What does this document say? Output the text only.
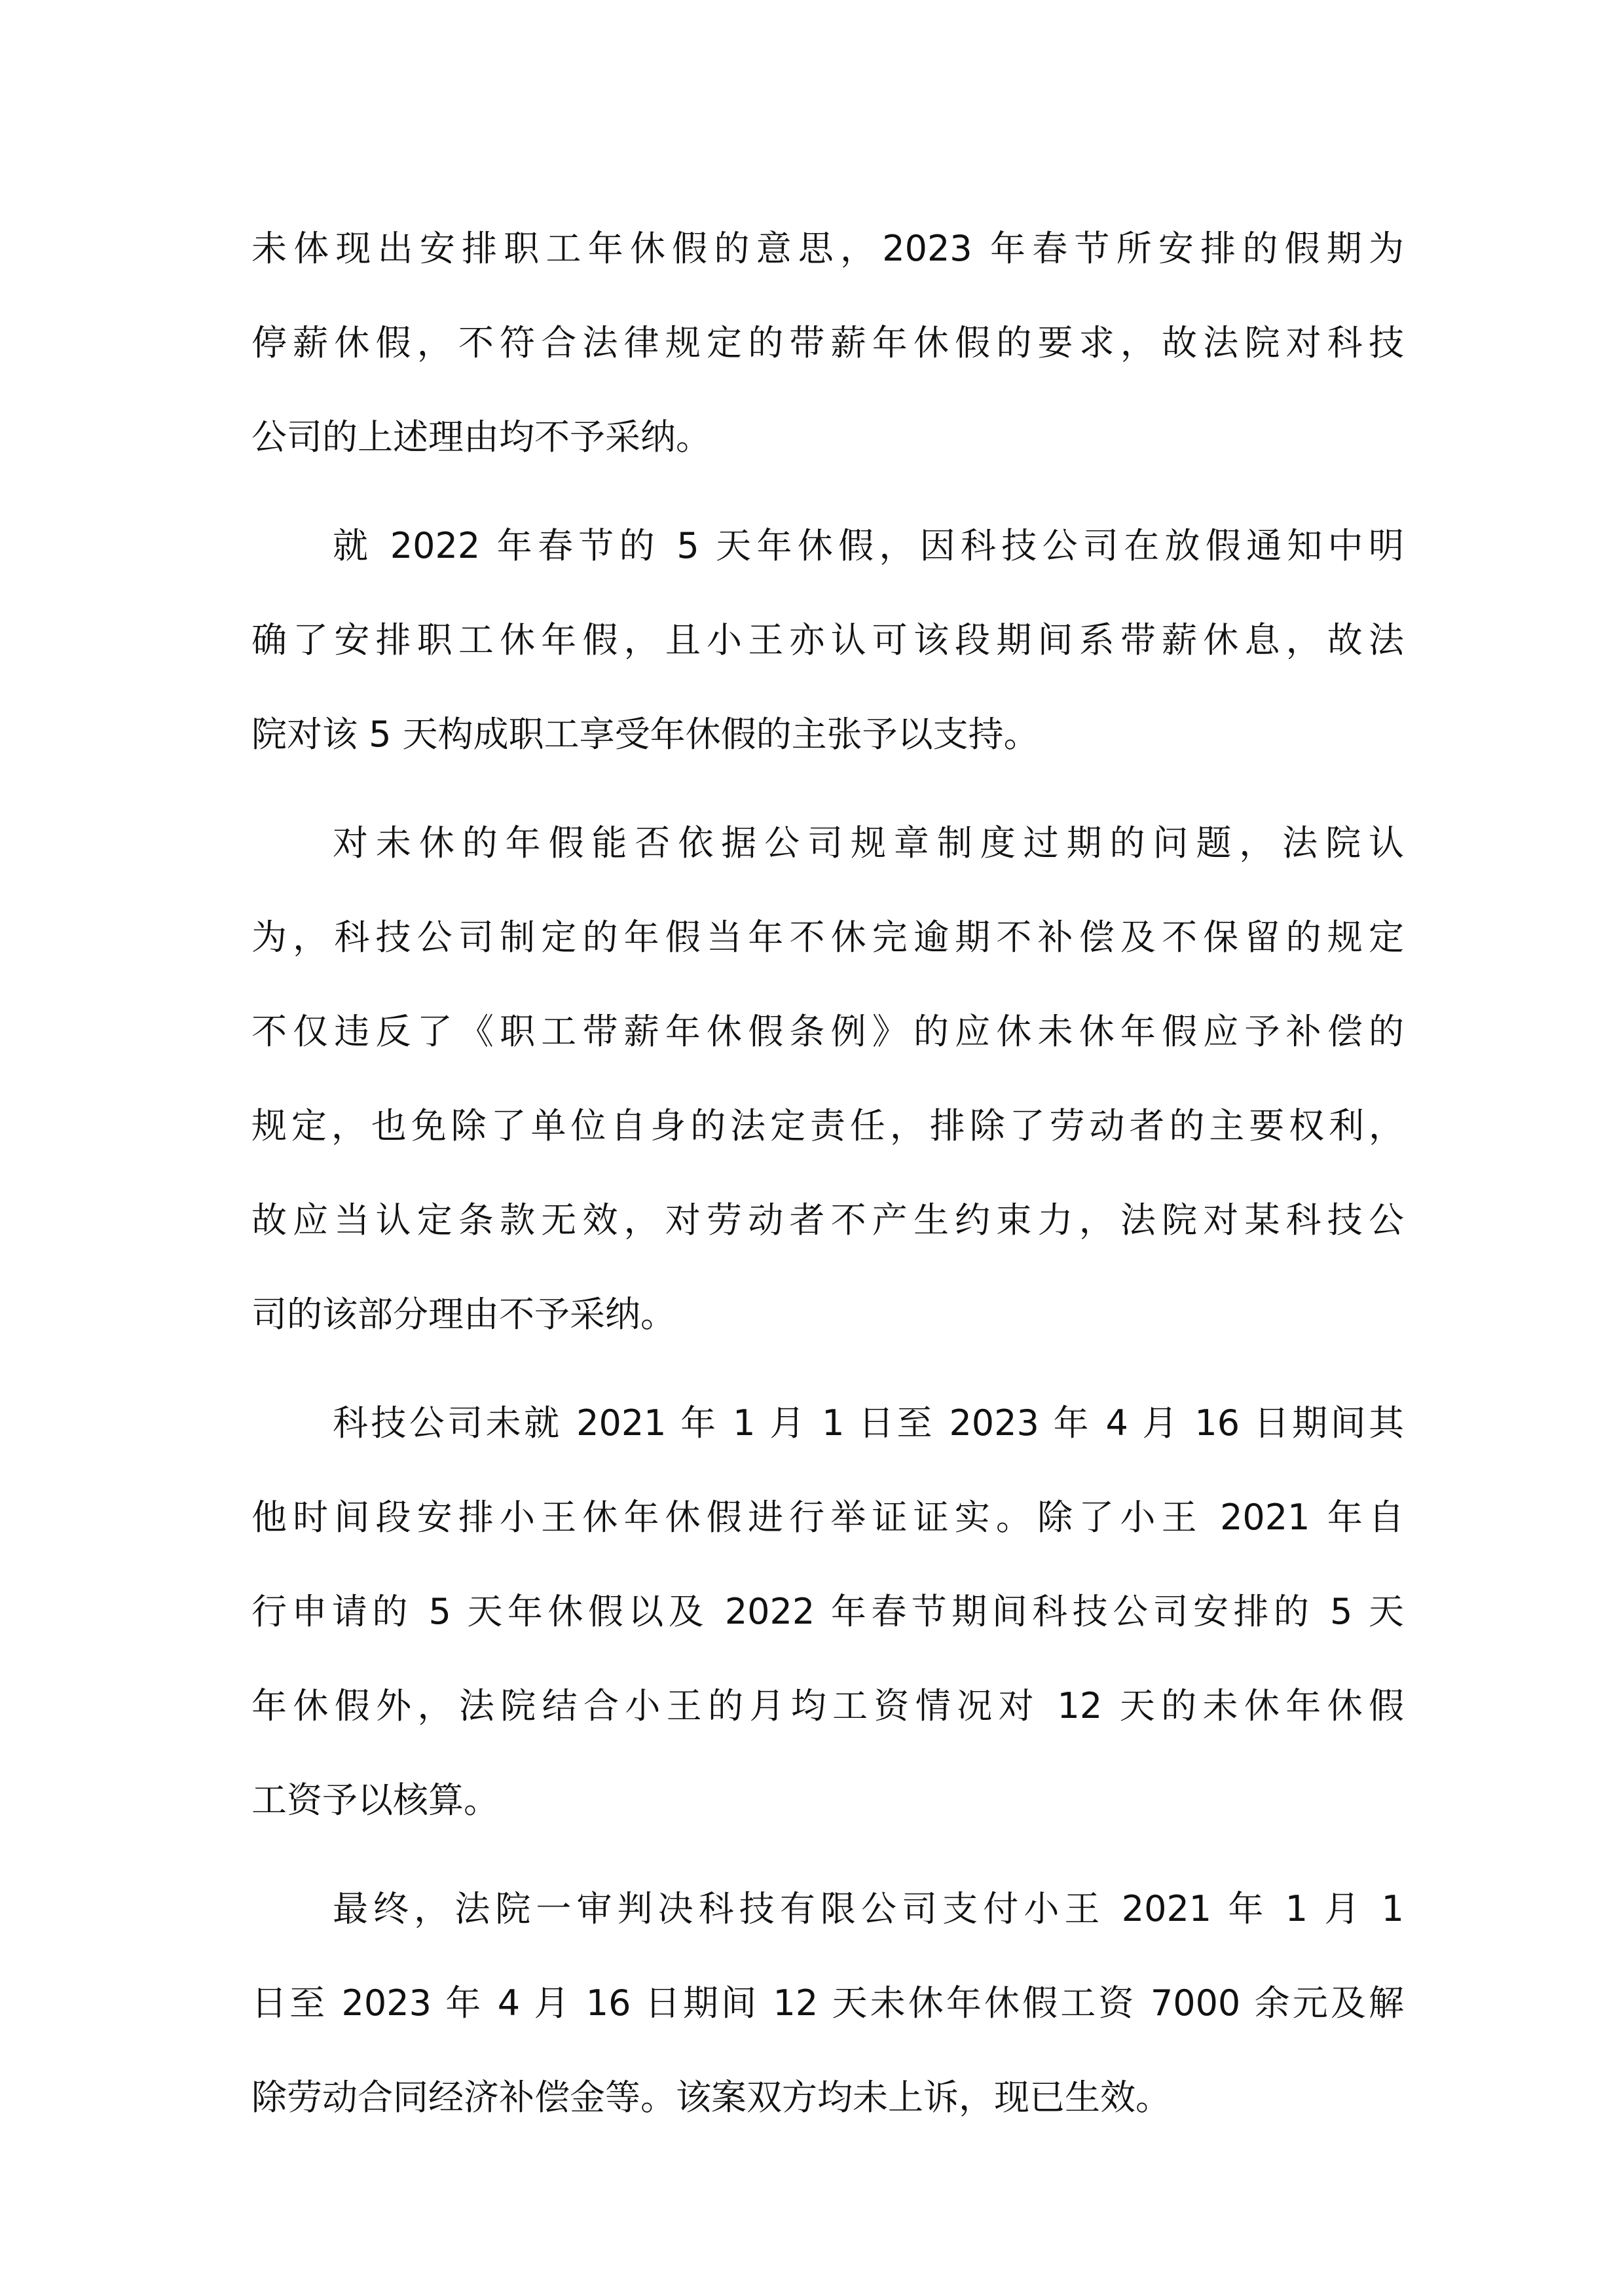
未体现出安排职工年休假的意思，2023 年春节所安排的假期为
停薪休假，不符合法律规定的带薪年休假的要求，故法院对科技
公司的上述理由均不予采纳。
就 2022 年春节的 5 天年休假，因科技公司在放假通知中明
确了安排职工休年假，且小王亦认可该段期间系带薪休息，故法
院对该 5 天构成职工享受年休假的主张予以支持。
对未休的年假能否依据公司规章制度过期的问题，法院认
为，科技公司制定的年假当年不休完逾期不补偿及不保留的规定
不仅违反了《职工带薪年休假条例》的应休未休年假应予补偿的
规定，也免除了单位自身的法定责任，排除了劳动者的主要权利，
故应当认定条款无效，对劳动者不产生约束力，法院对某科技公
司的该部分理由不予采纳。
科技公司未就 2021 年 1 月 1 日至 2023 年 4 月 16 日期间其
他时间段安排小王休年休假进行举证证实。除了小王 2021 年自
行申请的 5 天年休假以及 2022 年春节期间科技公司安排的 5 天
年休假外，法院结合小王的月均工资情况对 12 天的未休年休假
工资予以核算。
最终，法院一审判决科技有限公司支付小王 2021 年 1 月 1
日至 2023 年 4 月 16 日期间 12 天未休年休假工资 7000 余元及解
除劳动合同经济补偿金等。该案双方均未上诉，现已生效。
